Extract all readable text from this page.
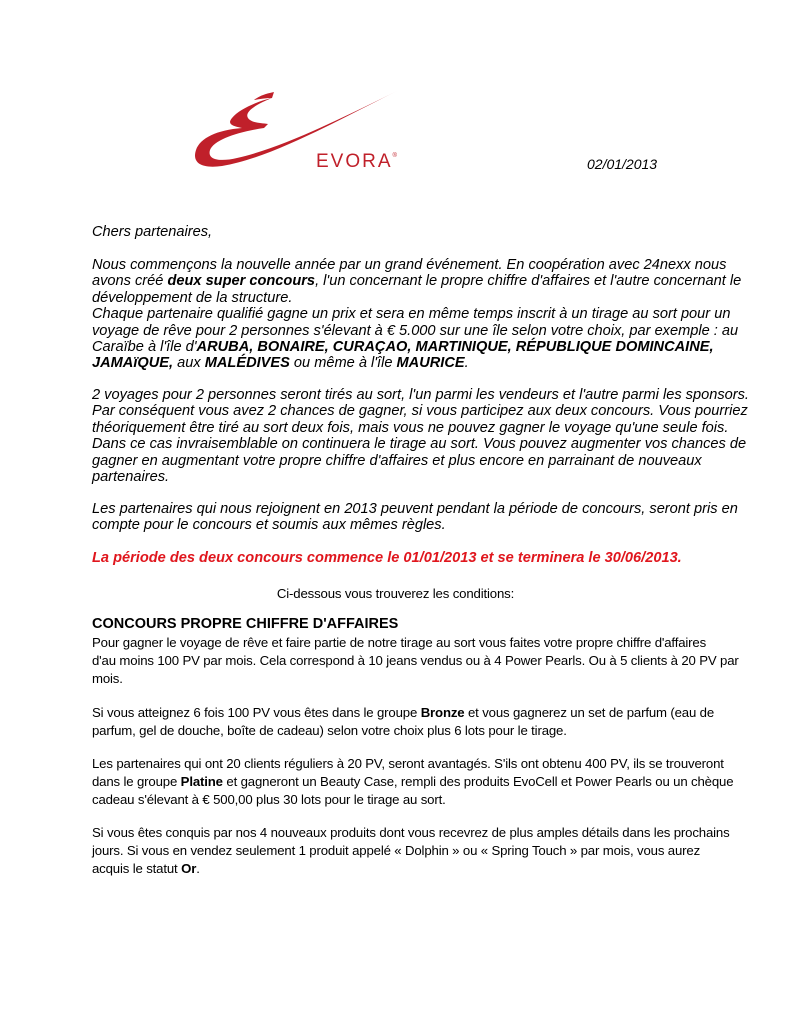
EVORA®	02/01/2013
Chers partenaires,
Nous commençons la nouvelle année par un grand événement. En coopération avec 24nexx nous
avons créé deux super concours, l'un concernant le propre chiffre d'affaires et l'autre concernant le
développement de la structure.
Chaque partenaire qualifié gagne un prix et sera en même temps inscrit à un tirage au sort pour un
voyage de rêve pour 2 personnes s'élevant à € 5.000 sur une île selon votre choix, par exemple : au
Caraïbe à l'île d'ARUBA, BONAIRE, CURAÇAO, MARTINIQUE, RÉPUBLIQUE DOMINCAINE,
JAMAïQUE, aux MALÉDIVES ou même à l'île MAURICE.
2 voyages pour 2 personnes seront tirés au sort, l'un parmi les vendeurs et l'autre parmi les sponsors.
Par conséquent vous avez 2 chances de gagner, si vous participez aux deux concours. Vous pourriez
théoriquement être tiré au sort deux fois, mais vous ne pouvez gagner le voyage qu'une seule fois.
Dans ce cas invraisemblable on continuera le tirage au sort. Vous pouvez augmenter vos chances de
gagner en augmentant votre propre chiffre d'affaires et plus encore en parrainant de nouveaux
partenaires.
Les partenaires qui nous rejoignent en 2013 peuvent pendant la période de concours, seront pris en
compte pour le concours et soumis aux mêmes règles.
La période des deux concours commence le 01/01/2013 et se terminera le 30/06/2013.
Ci-dessous vous trouverez les conditions:
CONCOURS PROPRE CHIFFRE D'AFFAIRES
Pour gagner le voyage de rêve et faire partie de notre tirage au sort vous faites votre propre chiffre d'affaires
d'au moins 100 PV par mois. Cela correspond à 10 jeans vendus ou à 4 Power Pearls. Ou à 5 clients à 20 PV par
mois.
Si vous atteignez 6 fois 100 PV vous êtes dans le groupe Bronze et vous gagnerez un set de parfum (eau de
parfum, gel de douche, boîte de cadeau) selon votre choix plus 6 lots pour le tirage.
Les partenaires qui ont 20 clients réguliers à 20 PV, seront avantagés. S'ils ont obtenu 400 PV, ils se trouveront
dans le groupe Platine et gagneront un Beauty Case, rempli des produits EvoCell et Power Pearls ou un chèque
cadeau s'élevant à € 500,00 plus 30 lots pour le tirage au sort.
Si vous êtes conquis par nos 4 nouveaux produits dont vous recevrez de plus amples détails dans les prochains
jours. Si vous en vendez seulement 1 produit appelé « Dolphin » ou « Spring Touch » par mois, vous aurez
acquis le statut Or.
